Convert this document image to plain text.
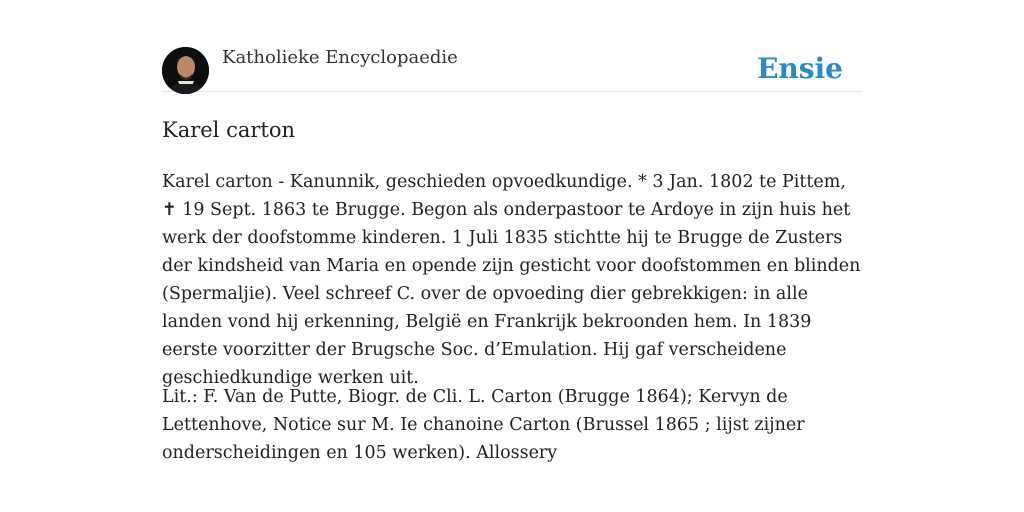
Katholieke Encyclopaedie	Ensie
Karel carton

Karel carton - Kanunnik, geschieden opvoedkundige. * 3 Jan. 1802 te Pittem, ✝ 19 Sept. 1863 te Brugge. Begon als onderpastoor te Ardoye in zijn huis het werk der doofstomme kinderen. 1 Juli 1835 stichtte hij te Brugge de Zusters der kindsheid van Maria en opende zijn gesticht voor doofstommen en blinden (Spermaljie). Veel schreef C. over de opvoeding dier gebrekkigen: in alle landen vond hij erkenning, België en Frankrijk bekroonden hem. In 1839 eerste voorzitter der Brugsche Soc. d’Emulation. Hij gaf verscheidene geschiedkundige werken uit.

Lit.: F. Van de Putte, Biogr. de Cli. L. Carton (Brugge 1864); Kervyn de Lettenhove, Notice sur M. Ie chanoine Carton (Brussel 1865 ; lijst zijner onderscheidingen en 105 werken). Allossery
